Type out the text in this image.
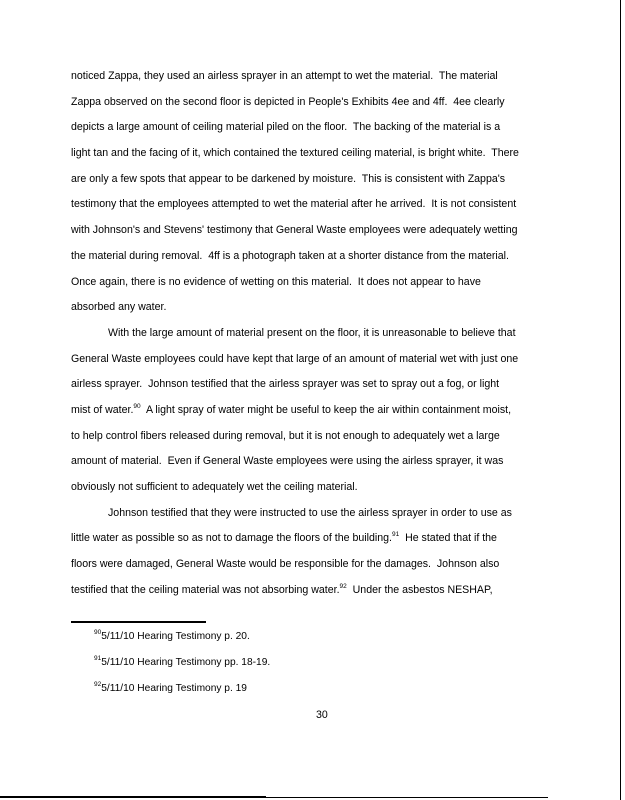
noticed Zappa, they used an airless sprayer in an attempt to wet the material.  The material
Zappa observed on the second floor is depicted in People's Exhibits 4ee and 4ff.  4ee clearly
depicts a large amount of ceiling material piled on the floor.  The backing of the material is a
light tan and the facing of it, which contained the textured ceiling material, is bright white.  There
are only a few spots that appear to be darkened by moisture.  This is consistent with Zappa's
testimony that the employees attempted to wet the material after he arrived.  It is not consistent
with Johnson's and Stevens' testimony that General Waste employees were adequately wetting
the material during removal.  4ff is a photograph taken at a shorter distance from the material.
Once again, there is no evidence of wetting on this material.  It does not appear to have
absorbed any water.
With the large amount of material present on the floor, it is unreasonable to believe that
General Waste employees could have kept that large of an amount of material wet with just one
airless sprayer.  Johnson testified that the airless sprayer was set to spray out a fog, or light
mist of water.$^{90}$  A light spray of water might be useful to keep the air within containment moist,
to help control fibers released during removal, but it is not enough to adequately wet a large
amount of material.  Even if General Waste employees were using the airless sprayer, it was
obviously not sufficient to adequately wet the ceiling material.
Johnson testified that they were instructed to use the airless sprayer in order to use as
little water as possible so as not to damage the floors of the building.$^{91}$  He stated that if the
floors were damaged, General Waste would be responsible for the damages.  Johnson also
testified that the ceiling material was not absorbing water.$^{92}$  Under the asbestos NESHAP,
$^{90}$5/11/10 Hearing Testimony p. 20.
$^{91}$5/11/10 Hearing Testimony pp. 18-19.
$^{92}$5/11/10 Hearing Testimony p. 19
30
